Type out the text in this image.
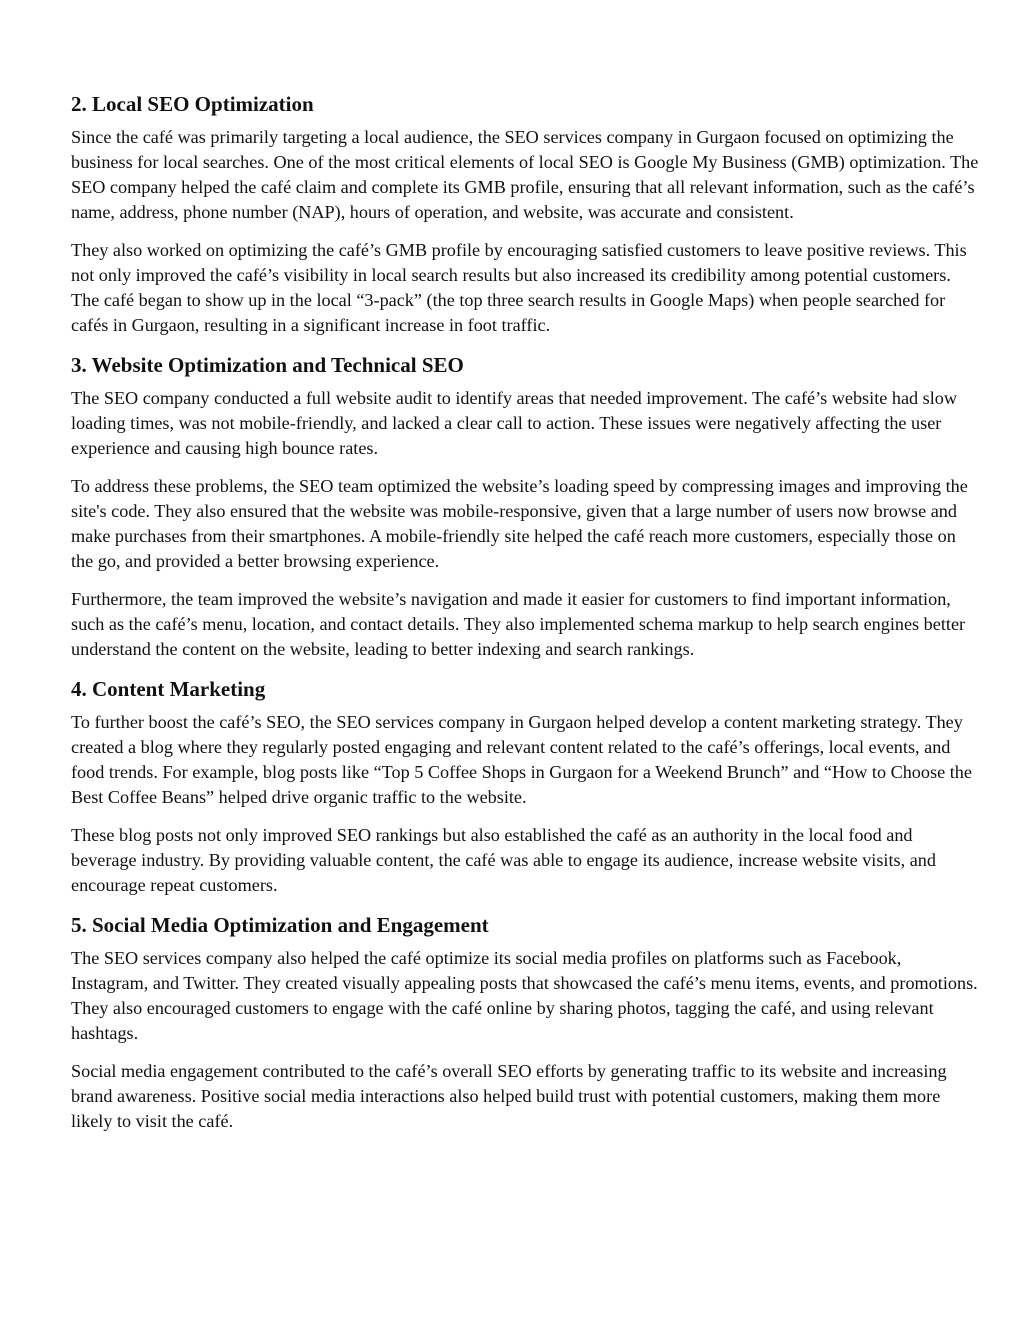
2. Local SEO Optimization

Since the café was primarily targeting a local audience, the SEO services company in Gurgaon focused on optimizing the business for local searches. One of the most critical elements of local SEO is Google My Business (GMB) optimization. The SEO company helped the café claim and complete its GMB profile, ensuring that all relevant information, such as the café’s name, address, phone number (NAP), hours of operation, and website, was accurate and consistent.

They also worked on optimizing the café’s GMB profile by encouraging satisfied customers to leave positive reviews. This not only improved the café’s visibility in local search results but also increased its credibility among potential customers. The café began to show up in the local “3-pack” (the top three search results in Google Maps) when people searched for cafés in Gurgaon, resulting in a significant increase in foot traffic.

3. Website Optimization and Technical SEO

The SEO company conducted a full website audit to identify areas that needed improvement. The café’s website had slow loading times, was not mobile-friendly, and lacked a clear call to action. These issues were negatively affecting the user experience and causing high bounce rates.

To address these problems, the SEO team optimized the website’s loading speed by compressing images and improving the site's code. They also ensured that the website was mobile-responsive, given that a large number of users now browse and make purchases from their smartphones. A mobile-friendly site helped the café reach more customers, especially those on the go, and provided a better browsing experience.

Furthermore, the team improved the website’s navigation and made it easier for customers to find important information, such as the café’s menu, location, and contact details. They also implemented schema markup to help search engines better understand the content on the website, leading to better indexing and search rankings.

4. Content Marketing

To further boost the café’s SEO, the SEO services company in Gurgaon helped develop a content marketing strategy. They created a blog where they regularly posted engaging and relevant content related to the café’s offerings, local events, and food trends. For example, blog posts like “Top 5 Coffee Shops in Gurgaon for a Weekend Brunch” and “How to Choose the Best Coffee Beans” helped drive organic traffic to the website.

These blog posts not only improved SEO rankings but also established the café as an authority in the local food and beverage industry. By providing valuable content, the café was able to engage its audience, increase website visits, and encourage repeat customers.

5. Social Media Optimization and Engagement

The SEO services company also helped the café optimize its social media profiles on platforms such as Facebook, Instagram, and Twitter. They created visually appealing posts that showcased the café’s menu items, events, and promotions. They also encouraged customers to engage with the café online by sharing photos, tagging the café, and using relevant hashtags.

Social media engagement contributed to the café’s overall SEO efforts by generating traffic to its website and increasing brand awareness. Positive social media interactions also helped build trust with potential customers, making them more likely to visit the café.
